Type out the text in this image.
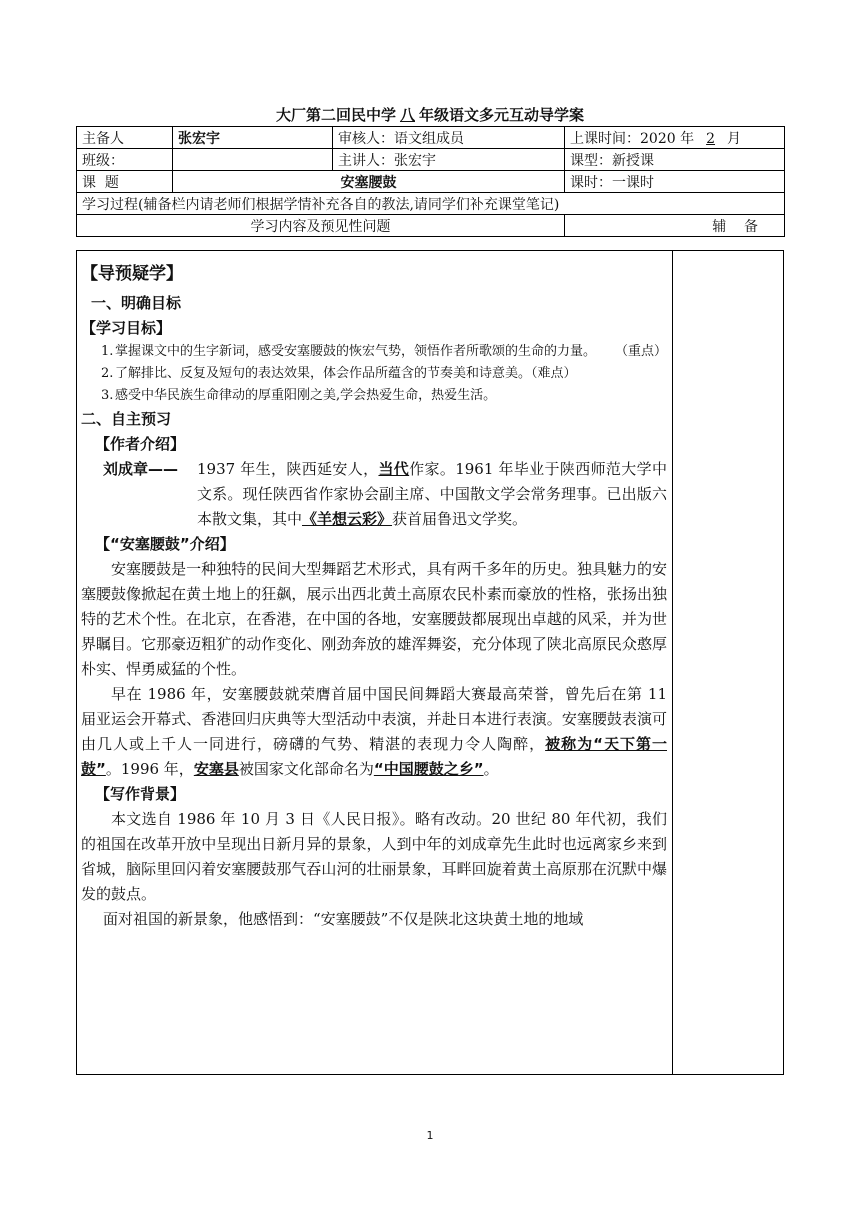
大厂第二回民中学 八 年级语文多元互动导学案
主备人	张宏宇	审核人：语文组成员	上课时间：2020 年 2 月
班级：		主讲人：张宏宇	课型：新授课
课  题	安塞腰鼓		课时：一课时
学习过程(辅备栏内请老师们根据学情补充各自的教法,请同学们补充课堂笔记)			
学习内容及预见性问题			辅    备
【导预疑学】
一、明确目标
【学习目标】
1. 掌握课文中的生字新词，感受安塞腰鼓的恢宏气势，领悟作者所歌颂的生命的力量。 （重点）
2. 了解排比、反复及短句的表达效果，体会作品所蕴含的节奏美和诗意美。（难点）
3. 感受中华民族生命律动的厚重阳刚之美,学会热爱生命，热爱生活。
二、自主预习
【作者介绍】
刘成章——	1937 年生，陕西延安人，当代作家。1961 年毕业于陕西师范大学中文系。现任陕西省作家协会副主席、中国散文学会常务理事。已出版六本散文集，其中《羊想云彩》获首届鲁迅文学奖。
【“安塞腰鼓”介绍】
安塞腰鼓是一种独特的民间大型舞蹈艺术形式，具有两千多年的历史。独具魅力的安塞腰鼓像掀起在黄土地上的狂飙，展示出西北黄土高原农民朴素而豪放的性格，张扬出独特的艺术个性。在北京，在香港，在中国的各地，安塞腰鼓都展现出卓越的风采，并为世界瞩目。它那豪迈粗犷的动作变化、刚劲奔放的雄浑舞姿，充分体现了陕北高原民众憨厚朴实、悍勇威猛的个性。
早在 1986 年，安塞腰鼓就荣膺首届中国民间舞蹈大赛最高荣誉，曾先后在第 11 届亚运会开幕式、香港回归庆典等大型活动中表演，并赴日本进行表演。安塞腰鼓表演可由几人或上千人一同进行，磅礴的气势、精湛的表现力令人陶醉，被称为“天下第一鼓”。1996 年，安塞县被国家文化部命名为“中国腰鼓之乡”。
【写作背景】
本文选自 1986 年 10 月 3 日《人民日报》。略有改动。20 世纪 80 年代初，我们的祖国在改革开放中呈现出日新月异的景象，人到中年的刘成章先生此时也远离家乡来到省城，脑际里回闪着安塞腰鼓那气吞山河的壮丽景象，耳畔回旋着黄土高原那在沉默中爆发的鼓点。
面对祖国的新景象，他感悟到：“安塞腰鼓”不仅是陕北这块黄土地的地域
1
